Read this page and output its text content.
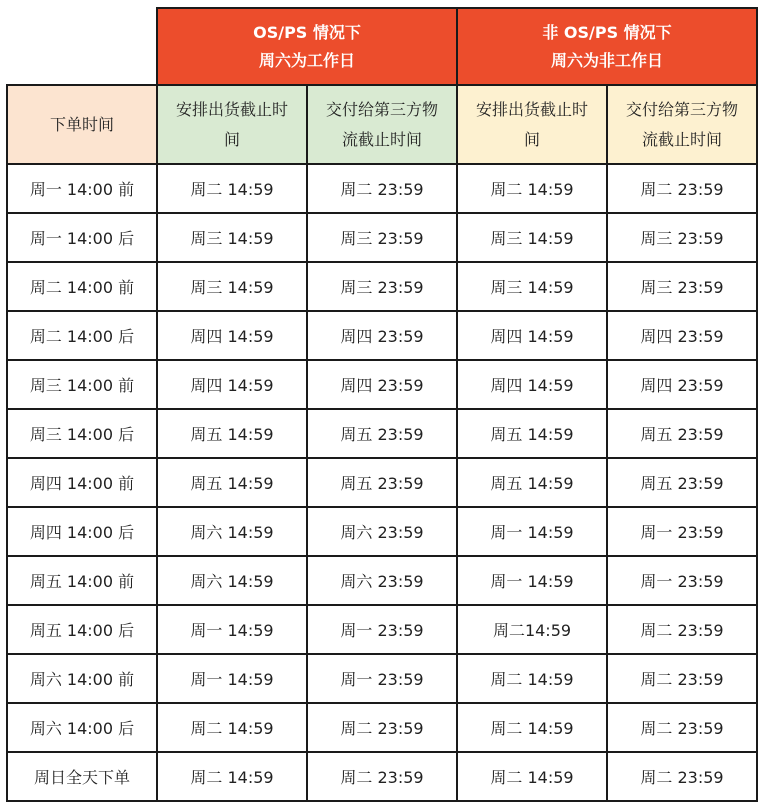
	OS/PS 情况下
周六为工作日		非 OS/PS 情况下
周六为非工作日	

下单时间	安排出货截止时间	交付给第三方物流截止时间	安排出货截止时间	交付给第三方物流截止时间

周一 14:00 前	周二 14:59	周二 23:59	周二 14:59	周二 23:59
周一 14:00 后	周三 14:59	周三 23:59	周三 14:59	周三 23:59
周二 14:00 前	周三 14:59	周三 23:59	周三 14:59	周三 23:59
周二 14:00 后	周四 14:59	周四 23:59	周四 14:59	周四 23:59
周三 14:00 前	周四 14:59	周四 23:59	周四 14:59	周四 23:59
周三 14:00 后	周五 14:59	周五 23:59	周五 14:59	周五 23:59
周四 14:00 前	周五 14:59	周五 23:59	周五 14:59	周五 23:59
周四 14:00 后	周六 14:59	周六 23:59	周一 14:59	周一 23:59
周五 14:00 前	周六 14:59	周六 23:59	周一 14:59	周一 23:59
周五 14:00 后	周一 14:59	周一 23:59	周二14:59	周二 23:59
周六 14:00 前	周一 14:59	周一 23:59	周二 14:59	周二 23:59
周六 14:00 后	周二 14:59	周二 23:59	周二 14:59	周二 23:59
周日全天下单	周二 14:59	周二 23:59	周二 14:59	周二 23:59
